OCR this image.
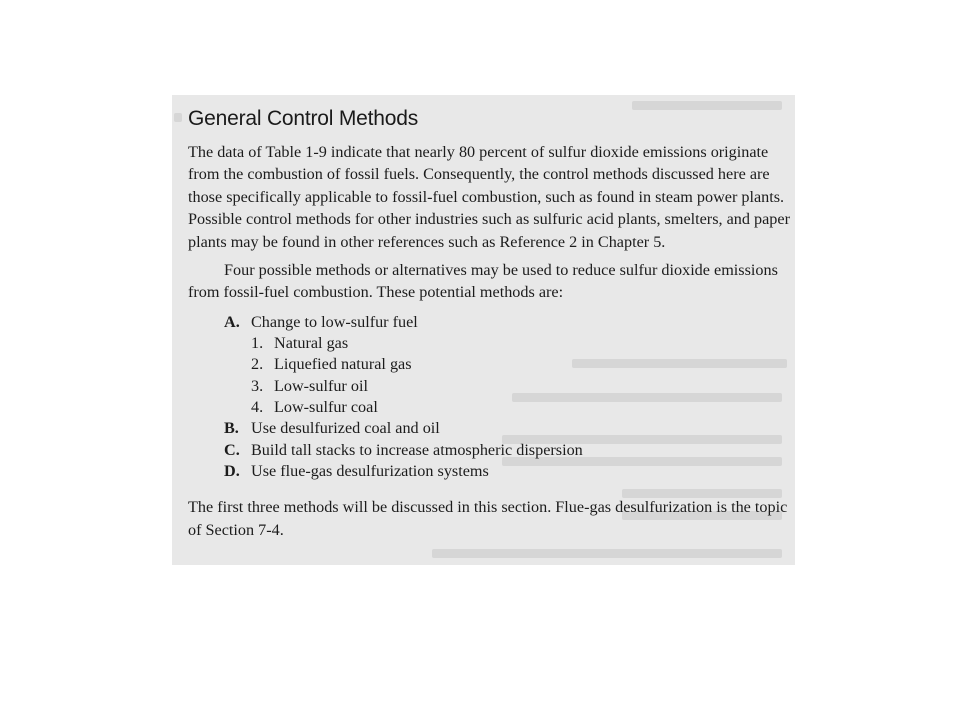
General Control Methods

The data of Table 1-9 indicate that nearly 80 percent of sulfur dioxide emissions originate from the combustion of fossil fuels. Consequently, the control methods discussed here are those specifically applicable to fossil-fuel combustion, such as found in steam power plants. Possible control methods for other industries such as sulfuric acid plants, smelters, and paper plants may be found in other references such as Reference 2 in Chapter 5.

Four possible methods or alternatives may be used to reduce sulfur dioxide emissions from fossil-fuel combustion. These potential methods are:

A. Change to low-sulfur fuel
1. Natural gas
2. Liquefied natural gas
3. Low-sulfur oil
4. Low-sulfur coal
B. Use desulfurized coal and oil
C. Build tall stacks to increase atmospheric dispersion
D. Use flue-gas desulfurization systems

The first three methods will be discussed in this section. Flue-gas desulfurization is the topic of Section 7-4.
